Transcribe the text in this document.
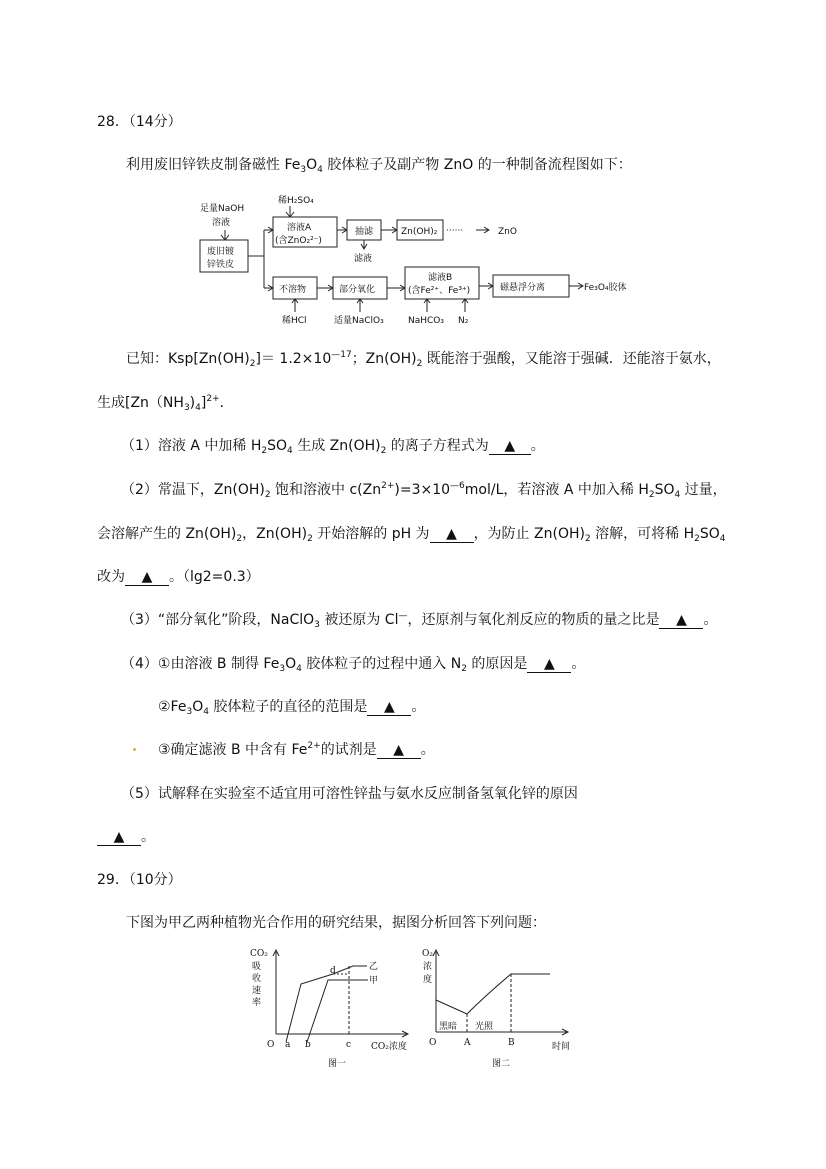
28．（14分）
利用废旧锌铁皮制备磁性 $Fe_3O_4$ 胶体粒子及副产物 ZnO 的一种制备流程图如下：
足量NaOH
溶液
废旧镀
锌铁皮
稀H₂SO₄
溶液A
(含ZnO₂²⁻)
抽滤
滤液
Zn(OH)₂ ······	ZnO
不溶物	部分氧化
滤液B
(含Fe²⁺、Fe³⁺)	磁悬浮分离	Fe₃O₄胶体
稀HCl	适量NaClO₃	NaHCO₃ N₂
已知：$Ksp[Zn(OH)_2]= 1.2\times 10^{—17}$；$Zn(OH)_2$ 既能溶于强酸，又能溶于强碱．还能溶于氨水，
生成$[Zn(NH_3)_4]^{2+}$．
（1）溶液 A 中加稀 $H_2SO_4$ 生成 $Zn(OH)_2$ 的离子方程式为 ▲ 。
（2）常温下，$Zn(OH)_2$ 饱和溶液中 $c(Zn^{2+})=3\times 10^{—6}mol/L$，若溶液 A 中加入稀 $H_2SO_4$ 过量，
会溶解产生的 $Zn(OH)_2$，$Zn(OH)_2$ 开始溶解的 pH 为 ▲ ，为防止 $Zn(OH)_2$ 溶解，可将稀 $H_2SO_4$
改为 ▲ 。（lg2=0.3）
（3）“部分氧化”阶段，NaClO$_3$ 被还原为 Cl—，还原剂与氧化剂反应的物质的量之比是 ▲ 。
（4）①由溶液 B 制得 $Fe_3O_4$ 胶体粒子的过程中通入 $N_2$ 的原因是 ▲ 。
$②Fe_3O_4$ 胶体粒子的直径的范围是 ▲ 。
③确定滤液 B 中含有 $Fe^{2+}$的试剂是 ▲ 。
（5）试解释在实验室不适宜用可溶性锌盐与氨水反应制备氢氧化锌的原因
▲ 。
29．（10分）
下图为甲乙两种植物光合作用的研究结果，据图分析回答下列问题：
CO₂
吸
收
速
率
O a b	c
d	乙
甲
CO₂浓度
图一
O₂
浓
度
黑暗 光照
O	A	B	时间
图二
